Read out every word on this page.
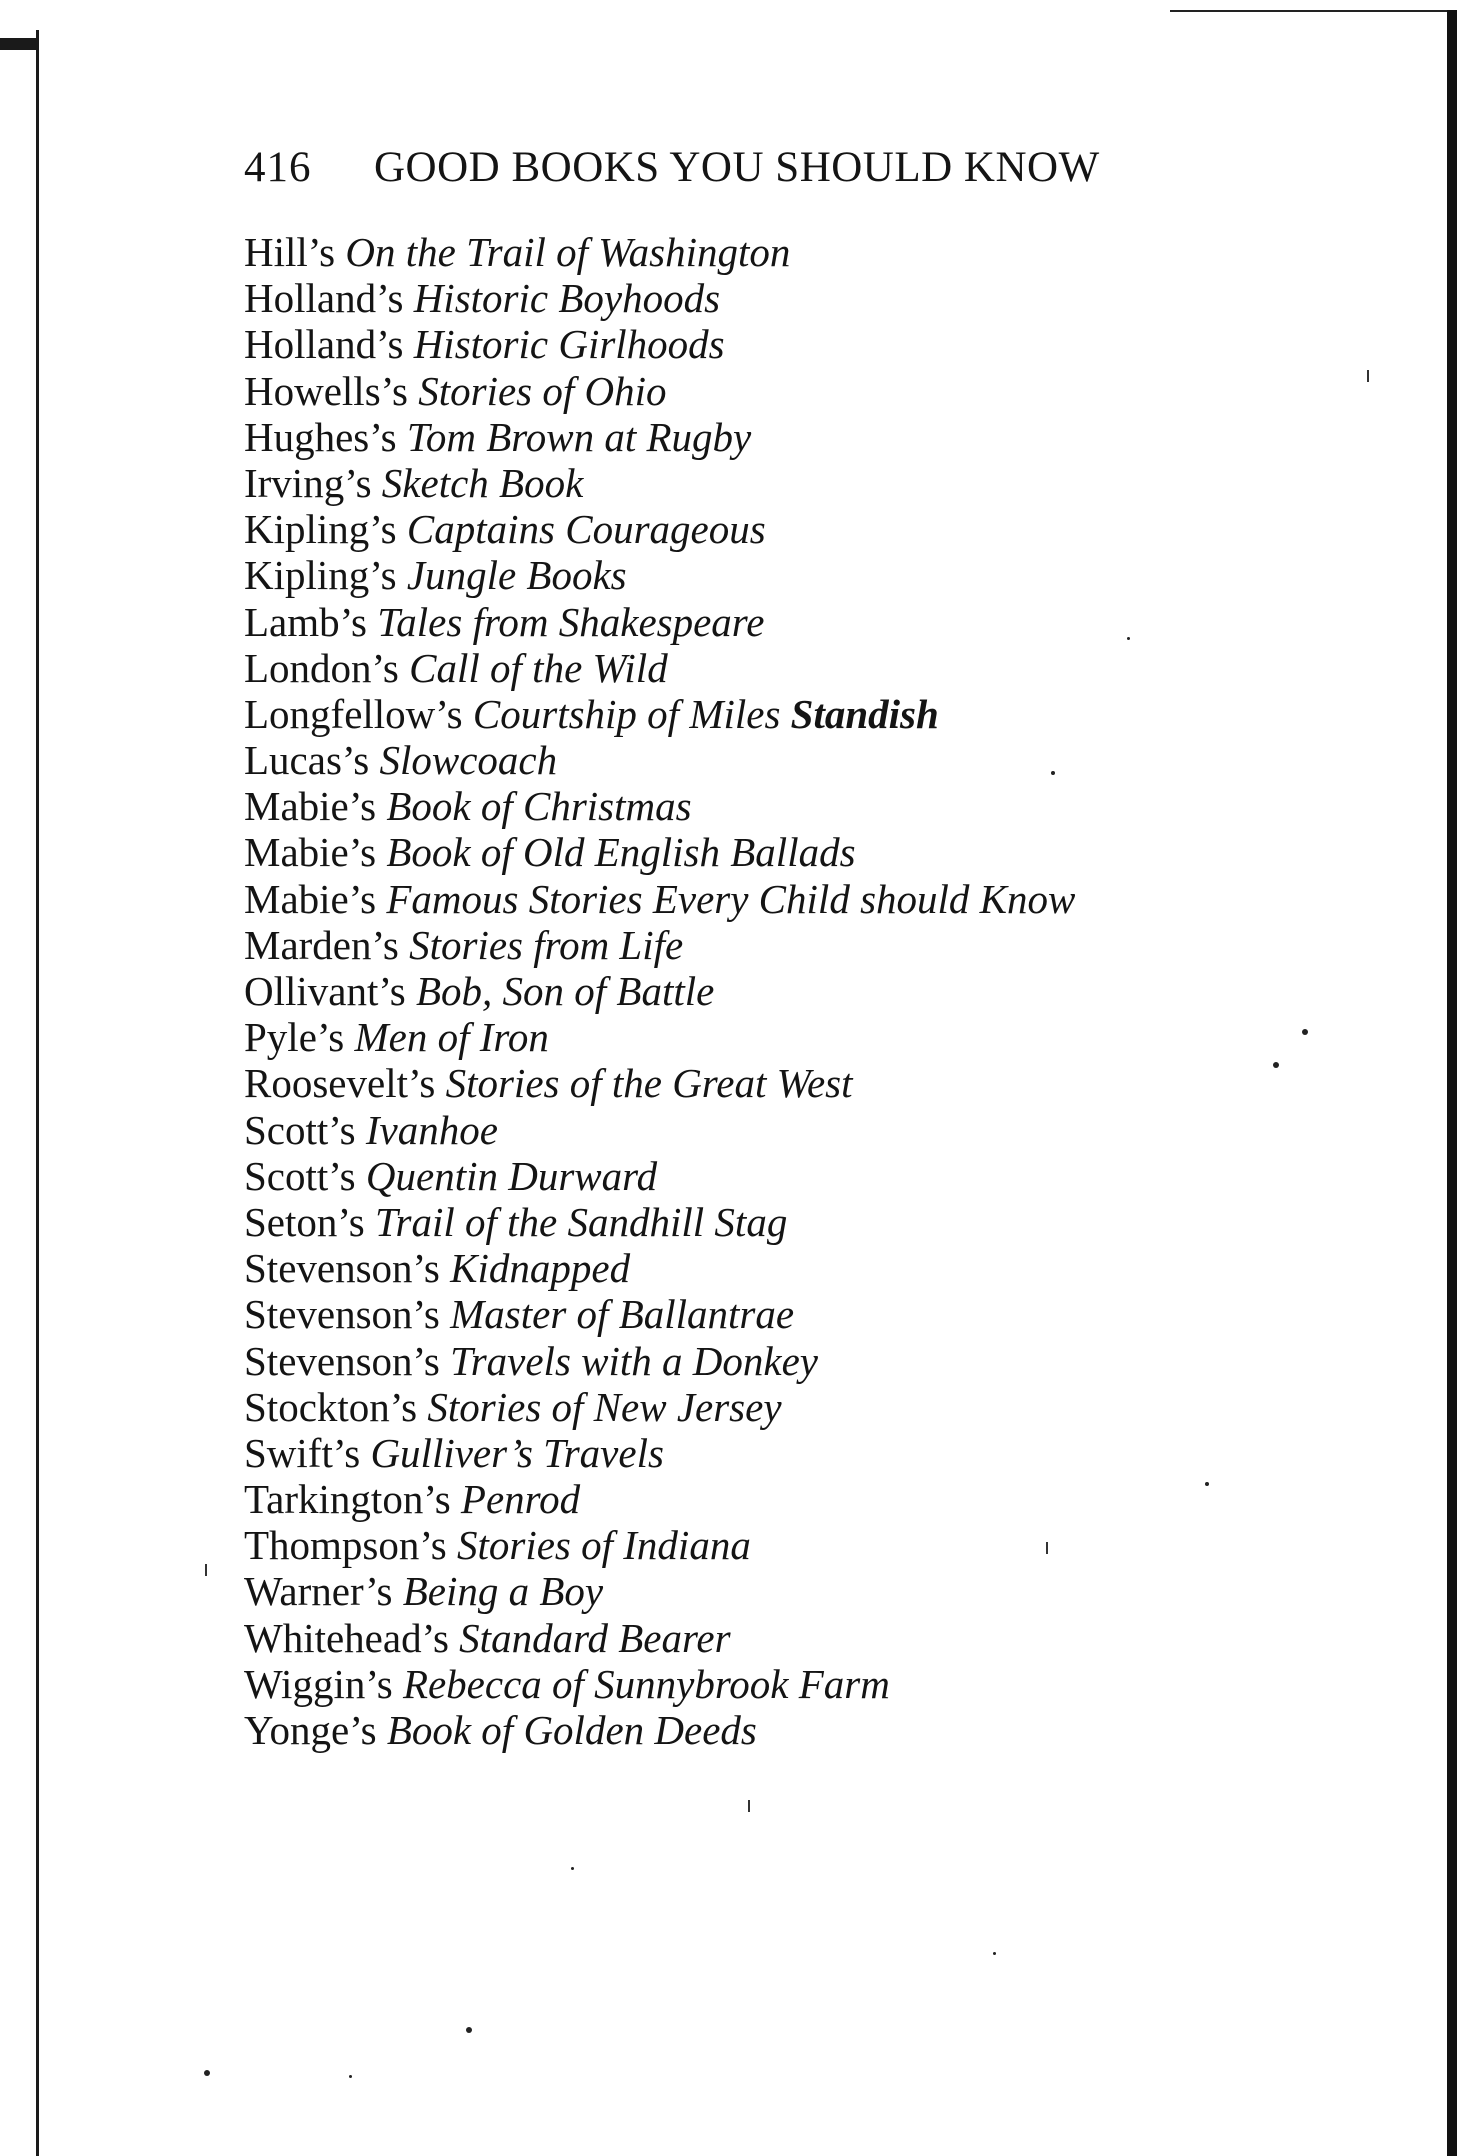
416 GOOD BOOKS YOU SHOULD KNOW
Hill’s On the Trail of Washington
Holland’s Historic Boyhoods
Holland’s Historic Girlhoods
Howells’s Stories of Ohio
Hughes’s Tom Brown at Rugby
Irving’s Sketch Book
Kipling’s Captains Courageous
Kipling’s Jungle Books
Lamb’s Tales from Shakespeare
London’s Call of the Wild
Longfellow’s Courtship of Miles Standish
Lucas’s Slowcoach
Mabie’s Book of Christmas
Mabie’s Book of Old English Ballads
Mabie’s Famous Stories Every Child should Know
Marden’s Stories from Life
Ollivant’s Bob, Son of Battle
Pyle’s Men of Iron
Roosevelt’s Stories of the Great West
Scott’s Ivanhoe
Scott’s Quentin Durward
Seton’s Trail of the Sandhill Stag
Stevenson’s Kidnapped
Stevenson’s Master of Ballantrae
Stevenson’s Travels with a Donkey
Stockton’s Stories of New Jersey
Swift’s Gulliver’s Travels
Tarkington’s Penrod
Thompson’s Stories of Indiana
Warner’s Being a Boy
Whitehead’s Standard Bearer
Wiggin’s Rebecca of Sunnybrook Farm
Yonge’s Book of Golden Deeds
